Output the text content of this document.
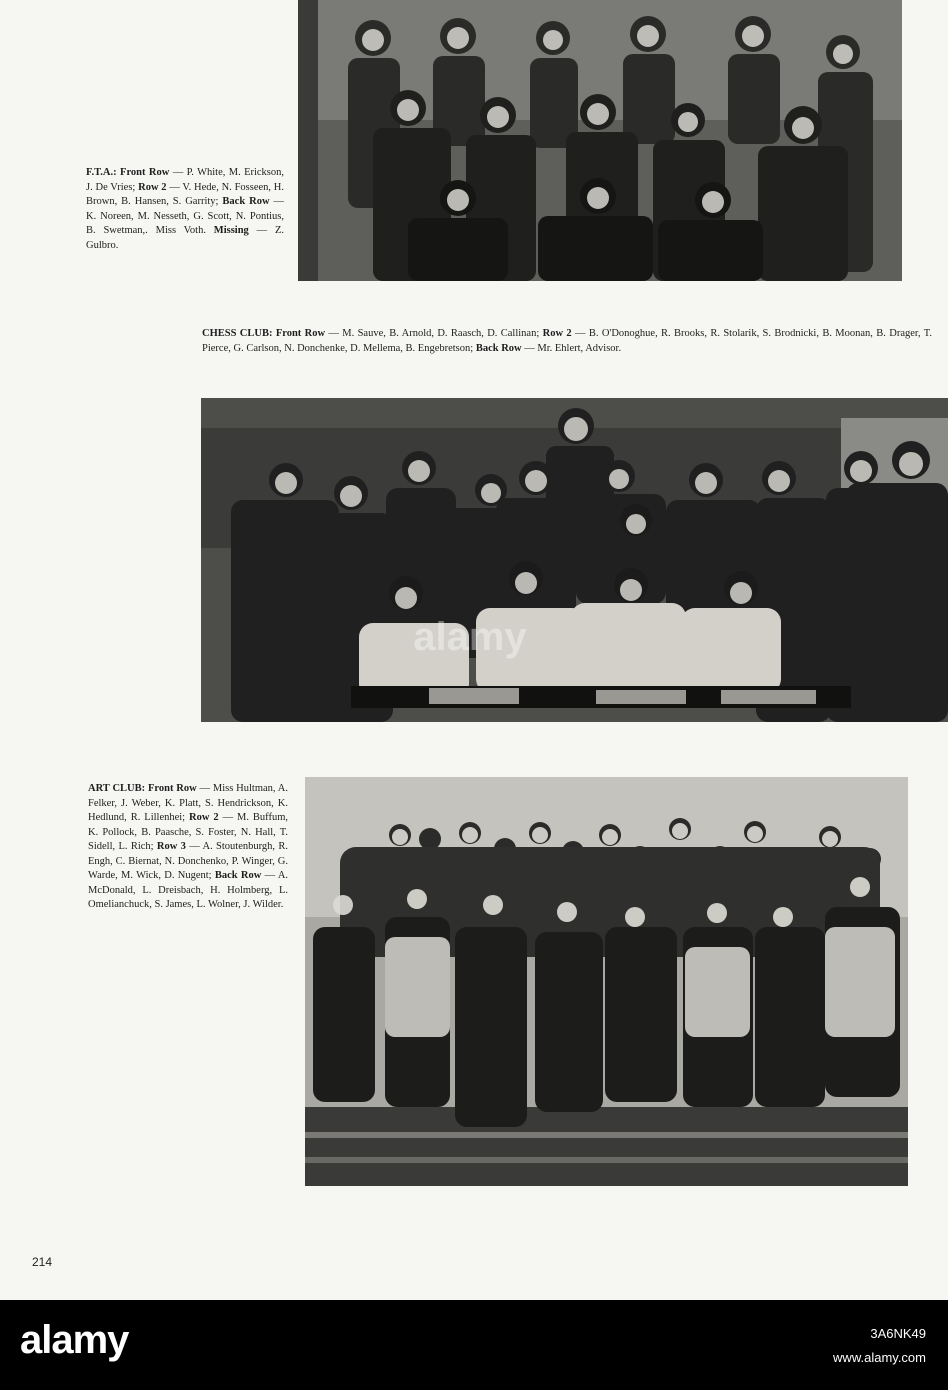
F.T.A.: Front Row — P. White, M. Erickson, J. De Vries; Row 2 — V. Hede, N. Fosseen, H. Brown, B. Hansen, S. Garrity; Back Row — K. Noreen, M. Nesseth, G. Scott, N. Pontius, B. Swetman,. Miss Voth. Missing — Z. Gulbro.
CHESS CLUB: Front Row — M. Sauve, B. Arnold, D. Raasch, D. Callinan; Row 2 — B. O'Donoghue, R. Brooks, R. Stolarik, S. Brodnicki, B. Moonan, B. Drager, T. Pierce, G. Carlson, N. Donchenke, D. Mellema, B. Engebretson; Back Row — Mr. Ehlert, Advisor.
ART CLUB: Front Row — Miss Hultman, A. Felker, J. Weber, K. Platt, S. Hendrickson, K. Hedlund, R. Lillenhei; Row 2 — M. Buffum, K. Pollock, B. Paasche, S. Foster, N. Hall, T. Sidell, L. Rich; Row 3 — A. Stoutenburgh, R. Engh, C. Biernat, N. Donchenko, P. Winger, G. Warde, M. Wick, D. Nugent; Back Row — A. McDonald, L. Dreisbach, H. Holmberg, L. Omelianchuck, S. James, L. Wolner, J. Wilder.
214
alamy
alamy	3A6NK49
www.alamy.com
